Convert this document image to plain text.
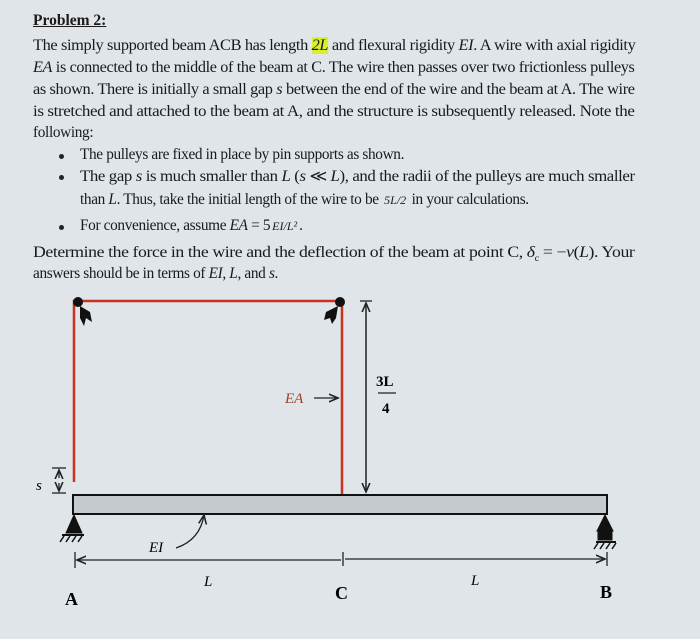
Problem 2:
The simply supported beam ACB has length 2L and flexural rigidity EI. A wire with axial rigidity
EA is connected to the middle of the beam at C. The wire then passes over two frictionless pulleys
as shown. There is initially a small gap s between the end of the wire and the beam at A. The wire
is stretched and attached to the beam at A, and the structure is subsequently released. Note the
following:
The pulleys are fixed in place by pin supports as shown.
The gap s is much smaller than L (s ≪ L), and the radii of the pulleys are much smaller
than L. Thus, take the initial length of the wire to be 5L/2 in your calculations.
For convenience, assume EA = 5 EI/L² .
Determine the force in the wire and the deflection of the beam at point C, $\delta_c = -v(L)$. Your
answers should be in terms of EI, L, and s.
3L
4
EA
s
EI
L	L
A	C	B
